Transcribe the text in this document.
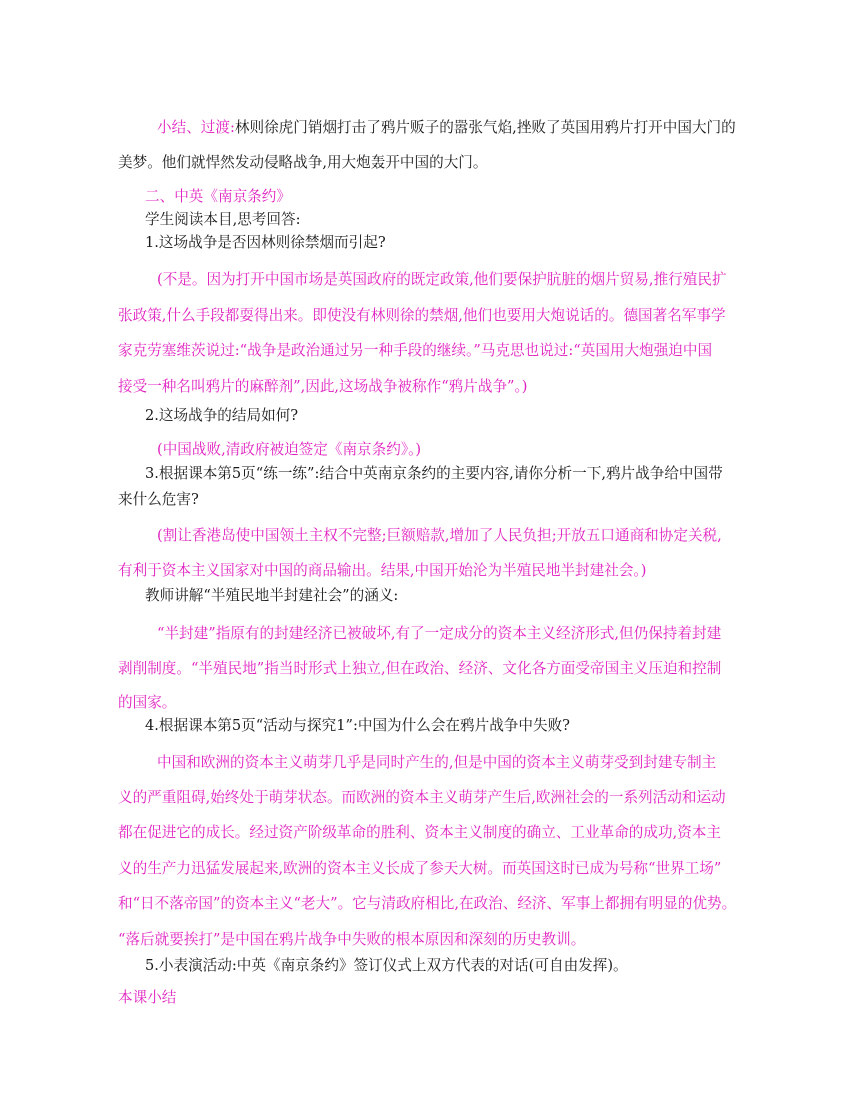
小结、过渡:林则徐虎门销烟打击了鸦片贩子的嚣张气焰,挫败了英国用鸦片打开中国大门的
美梦。他们就悍然发动侵略战争,用大炮轰开中国的大门。
二、中英《南京条约》
学生阅读本目,思考回答:
1.这场战争是否因林则徐禁烟而引起?
(不是。因为打开中国市场是英国政府的既定政策,他们要保护肮脏的烟片贸易,推行殖民扩
张政策,什么手段都耍得出来。即使没有林则徐的禁烟,他们也要用大炮说话的。德国著名军事学
家克劳塞维茨说过:“战争是政治通过另一种手段的继续。”马克思也说过:“英国用大炮强迫中国
接受一种名叫鸦片的麻醉剂”,因此,这场战争被称作“鸦片战争”。)
2.这场战争的结局如何?
(中国战败,清政府被迫签定《南京条约》。)
3.根据课本第5页“练一练”:结合中英南京条约的主要内容,请你分析一下,鸦片战争给中国带
来什么危害?
(割让香港岛使中国领土主权不完整;巨额赔款,增加了人民负担;开放五口通商和协定关税,
有利于资本主义国家对中国的商品输出。结果,中国开始沦为半殖民地半封建社会。)
教师讲解“半殖民地半封建社会”的涵义:
“半封建”指原有的封建经济已被破坏,有了一定成分的资本主义经济形式,但仍保持着封建
剥削制度。“半殖民地”指当时形式上独立,但在政治、经济、文化各方面受帝国主义压迫和控制
的国家。
4.根据课本第5页“活动与探究1”:中国为什么会在鸦片战争中失败?
中国和欧洲的资本主义萌芽几乎是同时产生的,但是中国的资本主义萌芽受到封建专制主
义的严重阻碍,始终处于萌芽状态。而欧洲的资本主义萌芽产生后,欧洲社会的一系列活动和运动
都在促进它的成长。经过资产阶级革命的胜利、资本主义制度的确立、工业革命的成功,资本主
义的生产力迅猛发展起来,欧洲的资本主义长成了参天大树。而英国这时已成为号称“世界工场”
和“日不落帝国”的资本主义“老大”。它与清政府相比,在政治、经济、军事上都拥有明显的优势。
“落后就要挨打”是中国在鸦片战争中失败的根本原因和深刻的历史教训。
5.小表演活动:中英《南京条约》签订仪式上双方代表的对话(可自由发挥)。
本课小结
